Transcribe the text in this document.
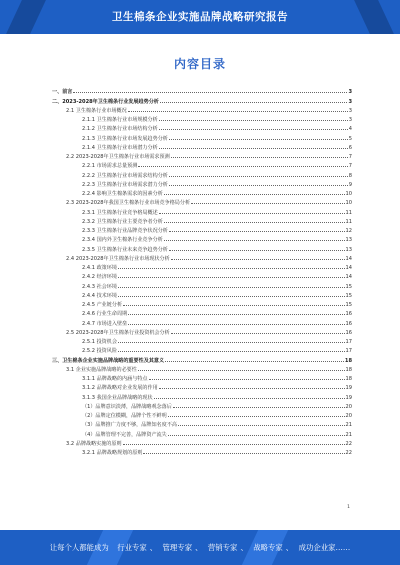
卫生棉条企业实施品牌战略研究报告
内容目录
一、前言	3
二、2023-2028年卫生棉条行业发展趋势分析	3
2.1 卫生棉条行业市场概况	3
2.1.1 卫生棉条行业市场规模分析	3
2.1.2 卫生棉条行业市场结构分析	4
2.1.3 卫生棉条行业市场发展趋势分析	5
2.1.4 卫生棉条行业市场潜力分析	6
2.2 2023-2028年卫生棉条行业市场需求预测	7
2.2.1 市场需求总量预测	7
2.2.2 卫生棉条行业市场需求结构分析	8
2.2.3 卫生棉条行业市场需求潜力分析	9
2.2.4 影响卫生棉条需求的因素分析	10
2.3 2023-2028年我国卫生棉条行业市场竞争格局分析	10
2.3.1 卫生棉条行业竞争格局概述	11
2.3.2 卫生棉条行业主要竞争者分析	11
2.3.3 卫生棉条行业品牌竞争状况分析	12
2.3.4 国内外卫生棉条行业竞争分析	13
2.3.5 卫生棉条行业未来竞争趋势分析	13
2.4 2023-2028年卫生棉条行业市场现状分析	14
2.4.1 政策环境	14
2.4.2 经济环境	14
2.4.3 社会环境	15
2.4.4 技术环境	15
2.4.5 产业链分析	15
2.4.6 行业生命周期	16
2.4.7 市场进入壁垒	16
2.5 2023-2028年卫生棉条行业投资机会分析	16
2.5.1 投资机会	17
2.5.2 投资风险	17
三、卫生棉条企业实施品牌战略的重要性及其意义	18
3.1 企业实施品牌战略的必要性	18
3.1.1 品牌战略的内涵与特点	18
3.1.2 品牌战略对企业发展的作用	19
3.1.3 我国企业品牌战略的现状	19
（1）品牌意识淡薄，品牌战略观念落后	20
（2）品牌定位模糊，品牌个性不鲜明	20
（3）品牌推广力度不够，品牌知名度不高	21
（4）品牌管理不完善，品牌资产流失	21
3.2 品牌战略实施的原则	22
3.2.1 品牌战略规划的原则	22
1
让每个人都能成为 行业专家 、 管理专家 、 营销专家 、 战略专家 、 成功企业家……
